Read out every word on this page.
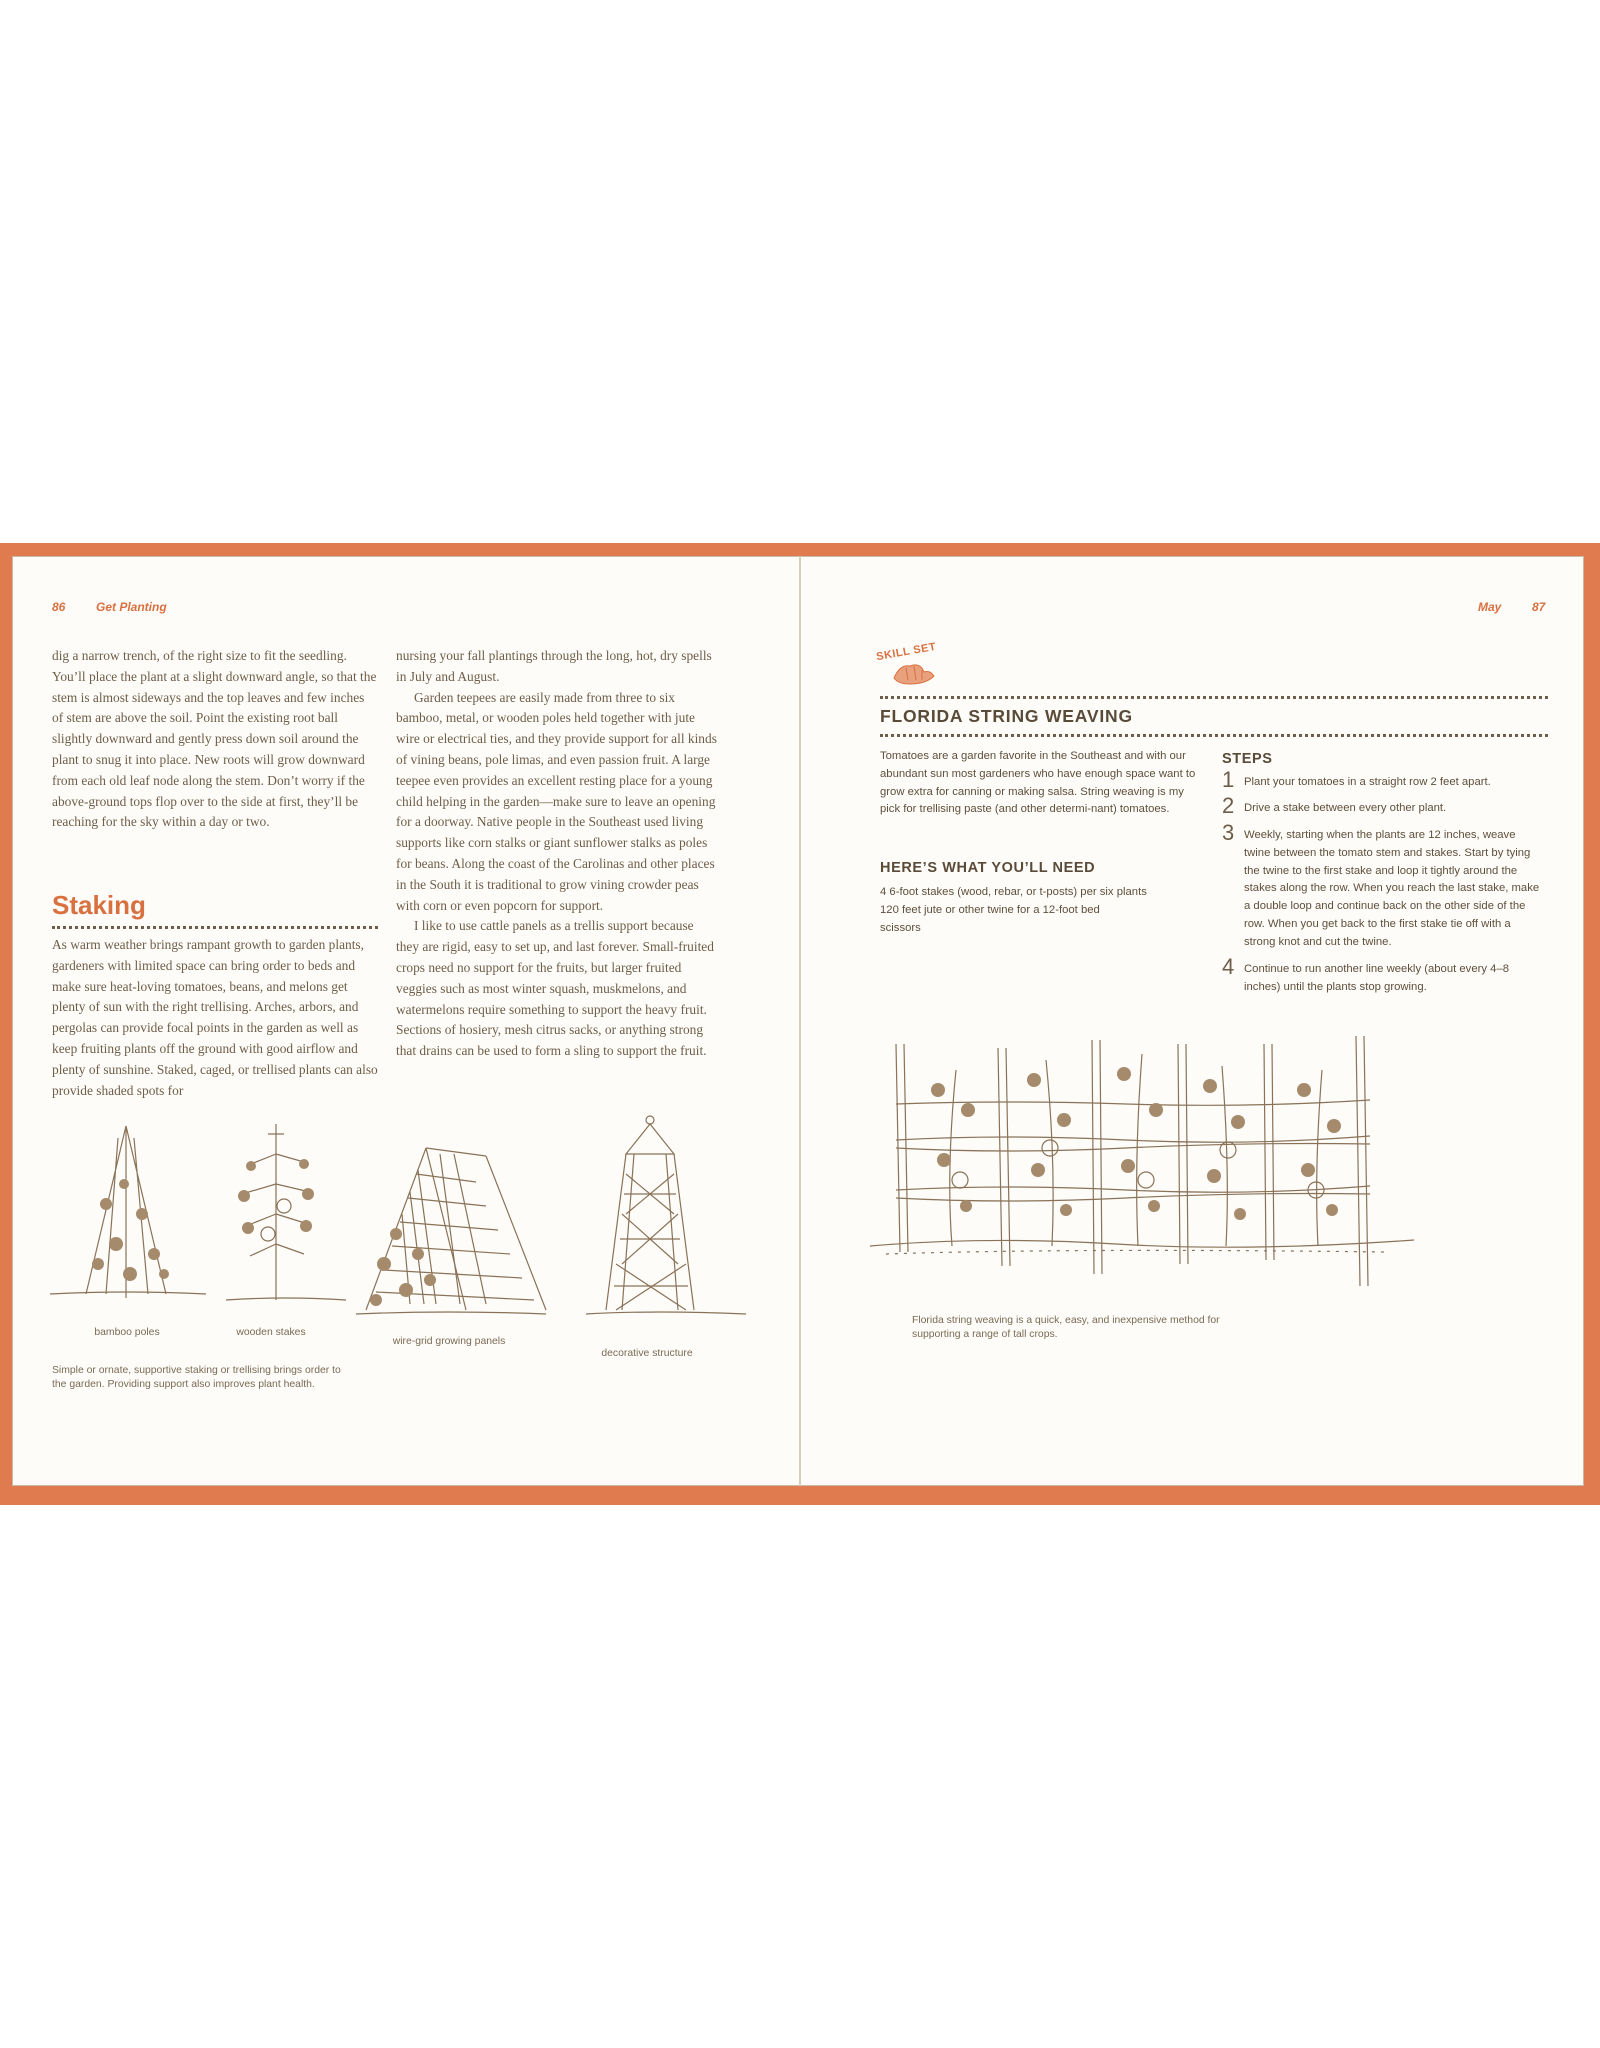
86	Get Planting

dig a narrow trench, of the right size to fit the seedling. You’ll place the plant at a slight downward angle, so that the stem is almost sideways and the top leaves and few inches of stem are above the soil. Point the existing root ball slightly downward and gently press down soil around the plant to snug it into place. New roots will grow downward from each old leaf node along the stem. Don’t worry if the above-ground tops flop over to the side at first, they’ll be reaching for the sky within a day or two.

Staking

As warm weather brings rampant growth to garden plants, gardeners with limited space can bring order to beds and make sure heat-loving tomatoes, beans, and melons get plenty of sun with the right trellising. Arches, arbors, and pergolas can provide focal points in the garden as well as keep fruiting plants off the ground with good airflow and plenty of sunshine. Staked, caged, or trellised plants can also provide shaded spots for

nursing your fall plantings through the long, hot, dry spells in July and August.

Garden teepees are easily made from three to six bamboo, metal, or wooden poles held together with jute wire or electrical ties, and they provide support for all kinds of vining beans, pole limas, and even passion fruit. A large teepee even provides an excellent resting place for a young child helping in the garden—make sure to leave an opening for a doorway. Native people in the Southeast used living supports like corn stalks or giant sunflower stalks as poles for beans. Along the coast of the Carolinas and other places in the South it is traditional to grow vining crowder peas with corn or even popcorn for support.

I like to use cattle panels as a trellis support because they are rigid, easy to set up, and last forever. Small-fruited crops need no support for the fruits, but larger fruited veggies such as most winter squash, muskmelons, and watermelons require something to support the heavy fruit. Sections of hosiery, mesh citrus sacks, or anything strong that drains can be used to form a sling to support the fruit.

bamboo poles	wooden stakes
wire-grid growing panels
decorative structure
Simple or ornate, supportive staking or trellising brings order to the garden. Providing support also improves plant health.
May	87
SKILL SET
FLORIDA STRING WEAVING

Tomatoes are a garden favorite in the Southeast and with our abundant sun most gardeners who have enough space want to grow extra for canning or making salsa. String weaving is my pick for trellising paste (and other determi-nant) tomatoes.

HERE’S WHAT YOU’LL NEED

4 6-foot stakes (wood, rebar, or t-posts) per six plants

120 feet jute or other twine for a 12-foot bed

scissors

STEPS
1 Plant your tomatoes in a straight row 2 feet apart.
2 Drive a stake between every other plant.
3 Weekly, starting when the plants are 12 inches, weave twine between the tomato stem and stakes. Start by tying the twine to the first stake and loop it tightly around the stakes along the row. When you reach the last stake, make a double loop and continue back on the other side of the row. When you get back to the first stake tie off with a strong knot and cut the twine.
4 Continue to run another line weekly (about every 4–8 inches) until the plants stop growing.
Florida string weaving is a quick, easy, and inexpensive method for supporting a range of tall crops.
